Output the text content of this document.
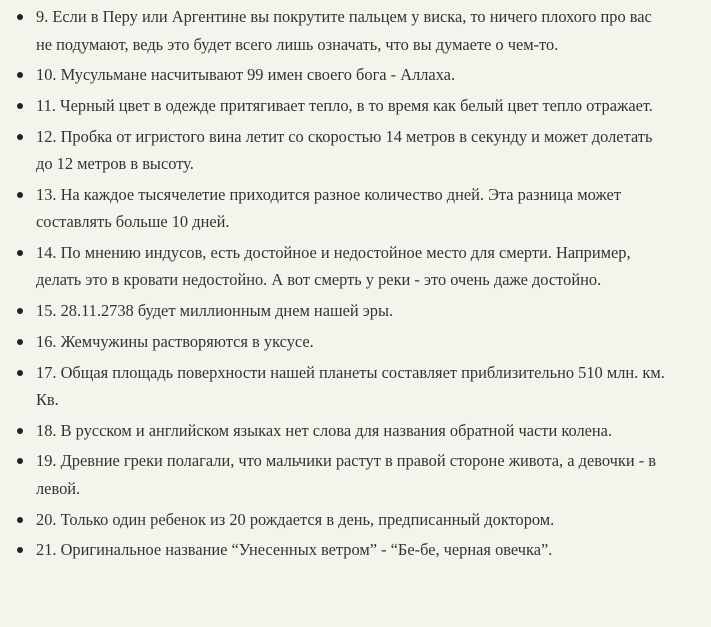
9. Если в Перу или Аргентине вы покрутите пальцем у виска, то ничего плохого про вас не подумают, ведь это будет всего лишь означать, что вы думаете о чем-то.
10. Мусульмане насчитывают 99 имен своего бога - Аллаха.
11. Черный цвет в одежде притягивает тепло, в то время как белый цвет тепло отражает.
12. Пробка от игристого вина летит со скоростью 14 метров в секунду и может долетать до 12 метров в высоту.
13. На каждое тысячелетие приходится разное количество дней. Эта разница может составлять больше 10 дней.
14. По мнению индусов, есть достойное и недостойное место для смерти. Например, делать это в кровати недостойно. А вот смерть у реки - это очень даже достойно.
15. 28.11.2738 будет миллионным днем нашей эры.
16. Жемчужины растворяются в уксусе.
17. Общая площадь поверхности нашей планеты составляет приблизительно 510 млн. км. Кв.
18. В русском и английском языках нет слова для названия обратной части колена.
19. Древние греки полагали, что мальчики растут в правой стороне живота, а девочки - в левой.
20. Только один ребенок из 20 рождается в день, предписанный доктором.
21. Оригинальное название “Унесенных ветром” - “Бе-бе, черная овечка”.
